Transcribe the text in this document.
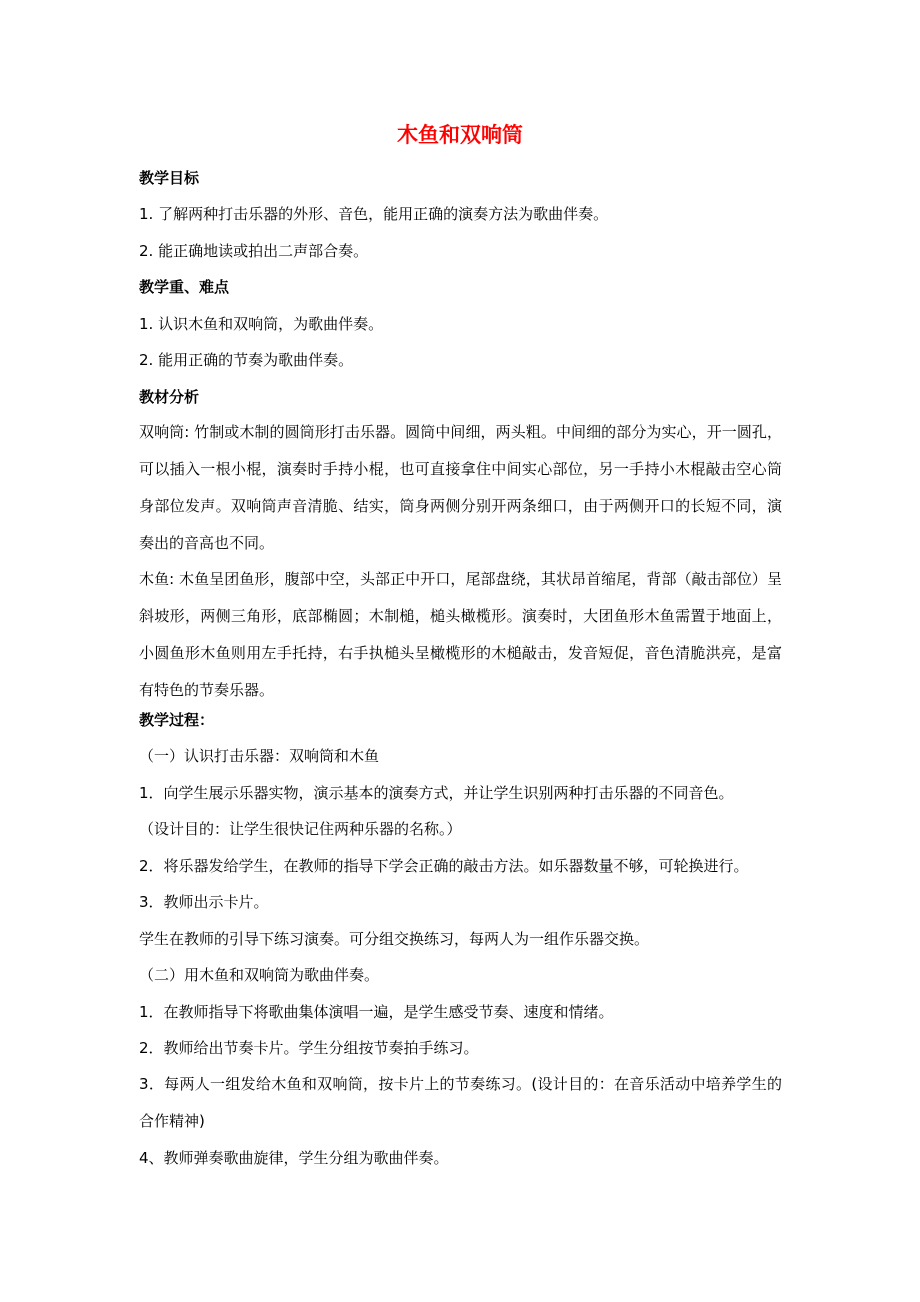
木鱼和双响筒
教学目标
1. 了解两种打击乐器的外形、音色，能用正确的演奏方法为歌曲伴奏。
2. 能正确地读或拍出二声部合奏。
教学重、难点
1. 认识木鱼和双响筒，为歌曲伴奏。
2. 能用正确的节奏为歌曲伴奏。
教材分析
双响筒: 竹制或木制的圆筒形打击乐器。圆筒中间细，两头粗。中间细的部分为实心，开一圆孔，可以插入一根小棍，演奏时手持小棍，也可直接拿住中间实心部位，另一手持小木棍敲击空心筒身部位发声。双响筒声音清脆、结实，筒身两侧分别开两条细口，由于两侧开口的长短不同，演奏出的音高也不同。
木鱼: 木鱼呈团鱼形，腹部中空，头部正中开口，尾部盘绕，其状昂首缩尾，背部（敲击部位）呈斜坡形，两侧三角形，底部椭圆；木制槌，槌头橄榄形。演奏时，大团鱼形木鱼需置于地面上，小圆鱼形木鱼则用左手托持，右手执槌头呈橄榄形的木槌敲击，发音短促，音色清脆洪亮，是富有特色的节奏乐器。
教学过程：
（一）认识打击乐器：双响筒和木鱼
1．向学生展示乐器实物，演示基本的演奏方式，并让学生识别两种打击乐器的不同音色。
（设计目的：让学生很快记住两种乐器的名称。）
2．将乐器发给学生，在教师的指导下学会正确的敲击方法。如乐器数量不够，可轮换进行。
3．教师出示卡片。
学生在教师的引导下练习演奏。可分组交换练习，每两人为一组作乐器交换。
（二）用木鱼和双响筒为歌曲伴奏。
1．在教师指导下将歌曲集体演唱一遍，是学生感受节奏、速度和情绪。
2．教师给出节奏卡片。学生分组按节奏拍手练习。
3．每两人一组发给木鱼和双响筒，按卡片上的节奏练习。(设计目的：在音乐活动中培养学生的合作精神)
4、教师弹奏歌曲旋律，学生分组为歌曲伴奏。
